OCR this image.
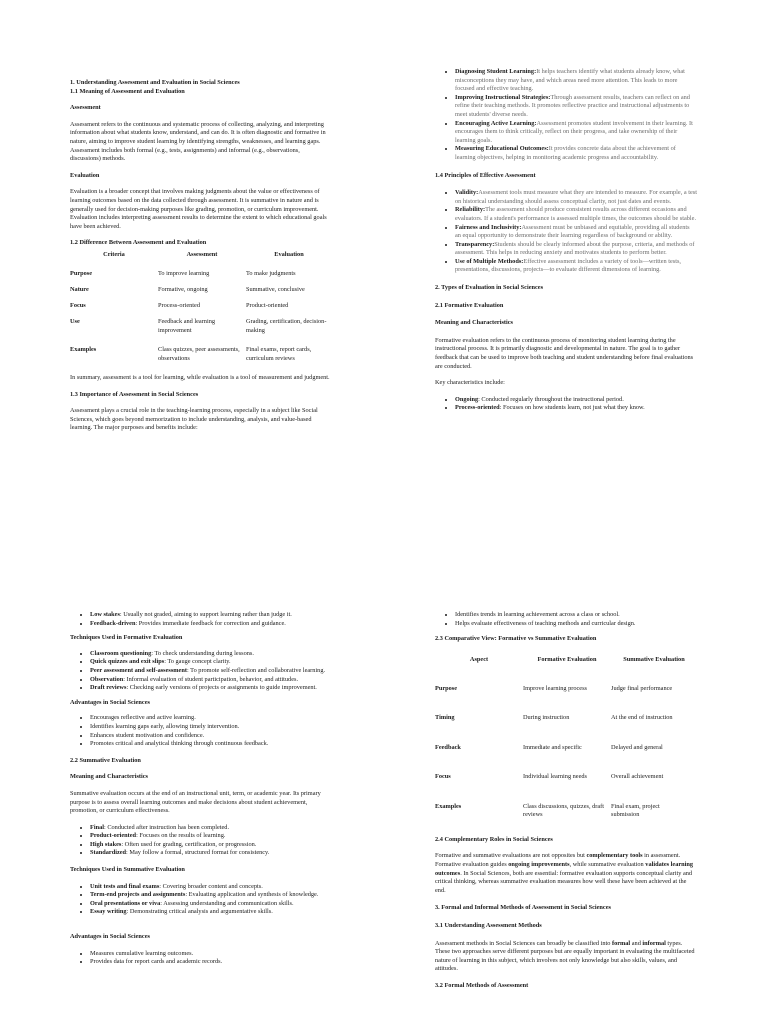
1. Understanding Assessment and Evaluation in Social Sciences

1.1 Meaning of Assessment and Evaluation

Assessment

Assessment refers to the continuous and systematic process of collecting, analyzing, and interpreting information about what students know, understand, and can do. It is often diagnostic and formative in nature, aiming to improve student learning by identifying strengths, weaknesses, and learning gaps. Assessment includes both formal (e.g., tests, assignments) and informal (e.g., observations, discussions) methods.

Evaluation

Evaluation is a broader concept that involves making judgments about the value or effectiveness of learning outcomes based on the data collected through assessment. It is summative in nature and is generally used for decision-making purposes like grading, promotion, or curriculum improvement. Evaluation includes interpreting assessment results to determine the extent to which educational goals have been achieved.

1.2 Difference Between Assessment and Evaluation

Criteria	Assessment	Evaluation
Purpose	To improve learning	To make judgments
Nature	Formative, ongoing	Summative, conclusive
Focus	Process-oriented	Product-oriented
Use	Feedback and learning improvement	Grading, certification, decision-making
Examples	Class quizzes, peer assessments, observations	Final exams, report cards, curriculum reviews

In summary, assessment is a tool for learning, while evaluation is a tool of measurement and judgment.

1.3 Importance of Assessment in Social Sciences

Assessment plays a crucial role in the teaching-learning process, especially in a subject like Social Sciences, which goes beyond memorization to include understanding, analysis, and value-based learning. The major purposes and benefits include:

• Diagnosing Student Learning:It helps teachers identify what students already know, what misconceptions they may have, and which areas need more attention. This leads to more focused and effective teaching.
• Improving Instructional Strategies:Through assessment results, teachers can reflect on and refine their teaching methods. It promotes reflective practice and instructional adjustments to meet students' diverse needs.
• Encouraging Active Learning:Assessment promotes student involvement in their learning. It encourages them to think critically, reflect on their progress, and take ownership of their learning goals.
• Measuring Educational Outcomes:It provides concrete data about the achievement of learning objectives, helping in monitoring academic progress and accountability.

1.4 Principles of Effective Assessment

• Validity:Assessment tools must measure what they are intended to measure. For example, a test on historical understanding should assess conceptual clarity, not just dates and events.
• Reliability:The assessment should produce consistent results across different occasions and evaluators. If a student's performance is assessed multiple times, the outcomes should be stable.
• Fairness and Inclusivity:Assessment must be unbiased and equitable, providing all students an equal opportunity to demonstrate their learning regardless of background or ability.
• Transparency:Students should be clearly informed about the purpose, criteria, and methods of assessment. This helps in reducing anxiety and motivates students to perform better.
• Use of Multiple Methods:Effective assessment includes a variety of tools—written tests, presentations, discussions, projects—to evaluate different dimensions of learning.

2. Types of Evaluation in Social Sciences

2.1 Formative Evaluation

Meaning and Characteristics

Formative evaluation refers to the continuous process of monitoring student learning during the instructional process. It is primarily diagnostic and developmental in nature. The goal is to gather feedback that can be used to improve both teaching and student understanding before final evaluations are conducted.

Key characteristics include:

• Ongoing: Conducted regularly throughout the instructional period.
• Process-oriented: Focuses on how students learn, not just what they know.
• Low stakes: Usually not graded, aiming to support learning rather than judge it.
• Feedback-driven: Provides immediate feedback for correction and guidance.

Techniques Used in Formative Evaluation

• Classroom questioning: To check understanding during lessons.
• Quick quizzes and exit slips: To gauge concept clarity.
• Peer assessment and self-assessment: To promote self-reflection and collaborative learning.
• Observation: Informal evaluation of student participation, behavior, and attitudes.
• Draft reviews: Checking early versions of projects or assignments to guide improvement.

Advantages in Social Sciences

• Encourages reflective and active learning.
• Identifies learning gaps early, allowing timely intervention.
• Enhances student motivation and confidence.
• Promotes critical and analytical thinking through continuous feedback.

2.2 Summative Evaluation

Meaning and Characteristics

Summative evaluation occurs at the end of an instructional unit, term, or academic year. Its primary purpose is to assess overall learning outcomes and make decisions about student achievement, promotion, or curriculum effectiveness.

• Final: Conducted after instruction has been completed.
• Product-oriented: Focuses on the results of learning.
• High stakes: Often used for grading, certification, or progression.
• Standardized: May follow a formal, structured format for consistency.

Techniques Used in Summative Evaluation

• Unit tests and final exams: Covering broader content and concepts.
• Term-end projects and assignments: Evaluating application and synthesis of knowledge.
• Oral presentations or viva: Assessing understanding and communication skills.
• Essay writing: Demonstrating critical analysis and argumentative skills.

Advantages in Social Sciences

• Measures cumulative learning outcomes.
• Provides data for report cards and academic records.
• Identifies trends in learning achievement across a class or school.
• Helps evaluate effectiveness of teaching methods and curricular design.

2.3 Comparative View: Formative vs Summative Evaluation

Aspect	Formative Evaluation	Summative Evaluation
Purpose	Improve learning process	Judge final performance
Timing	During instruction	At the end of instruction
Feedback	Immediate and specific	Delayed and general
Focus	Individual learning needs	Overall achievement
Examples	Class discussions, quizzes, draft reviews	Final exam, project submission

2.4 Complementary Roles in Social Sciences

Formative and summative evaluations are not opposites but complementary tools in assessment. Formative evaluation guides ongoing improvements, while summative evaluation validates learning outcomes. In Social Sciences, both are essential: formative evaluation supports conceptual clarity and critical thinking, whereas summative evaluation measures how well these have been achieved at the end.

3. Formal and Informal Methods of Assessment in Social Sciences

3.1 Understanding Assessment Methods

Assessment methods in Social Sciences can broadly be classified into formal and informal types. These two approaches serve different purposes but are equally important in evaluating the multifaceted nature of learning in this subject, which involves not only knowledge but also skills, values, and attitudes.

3.2 Formal Methods of Assessment
